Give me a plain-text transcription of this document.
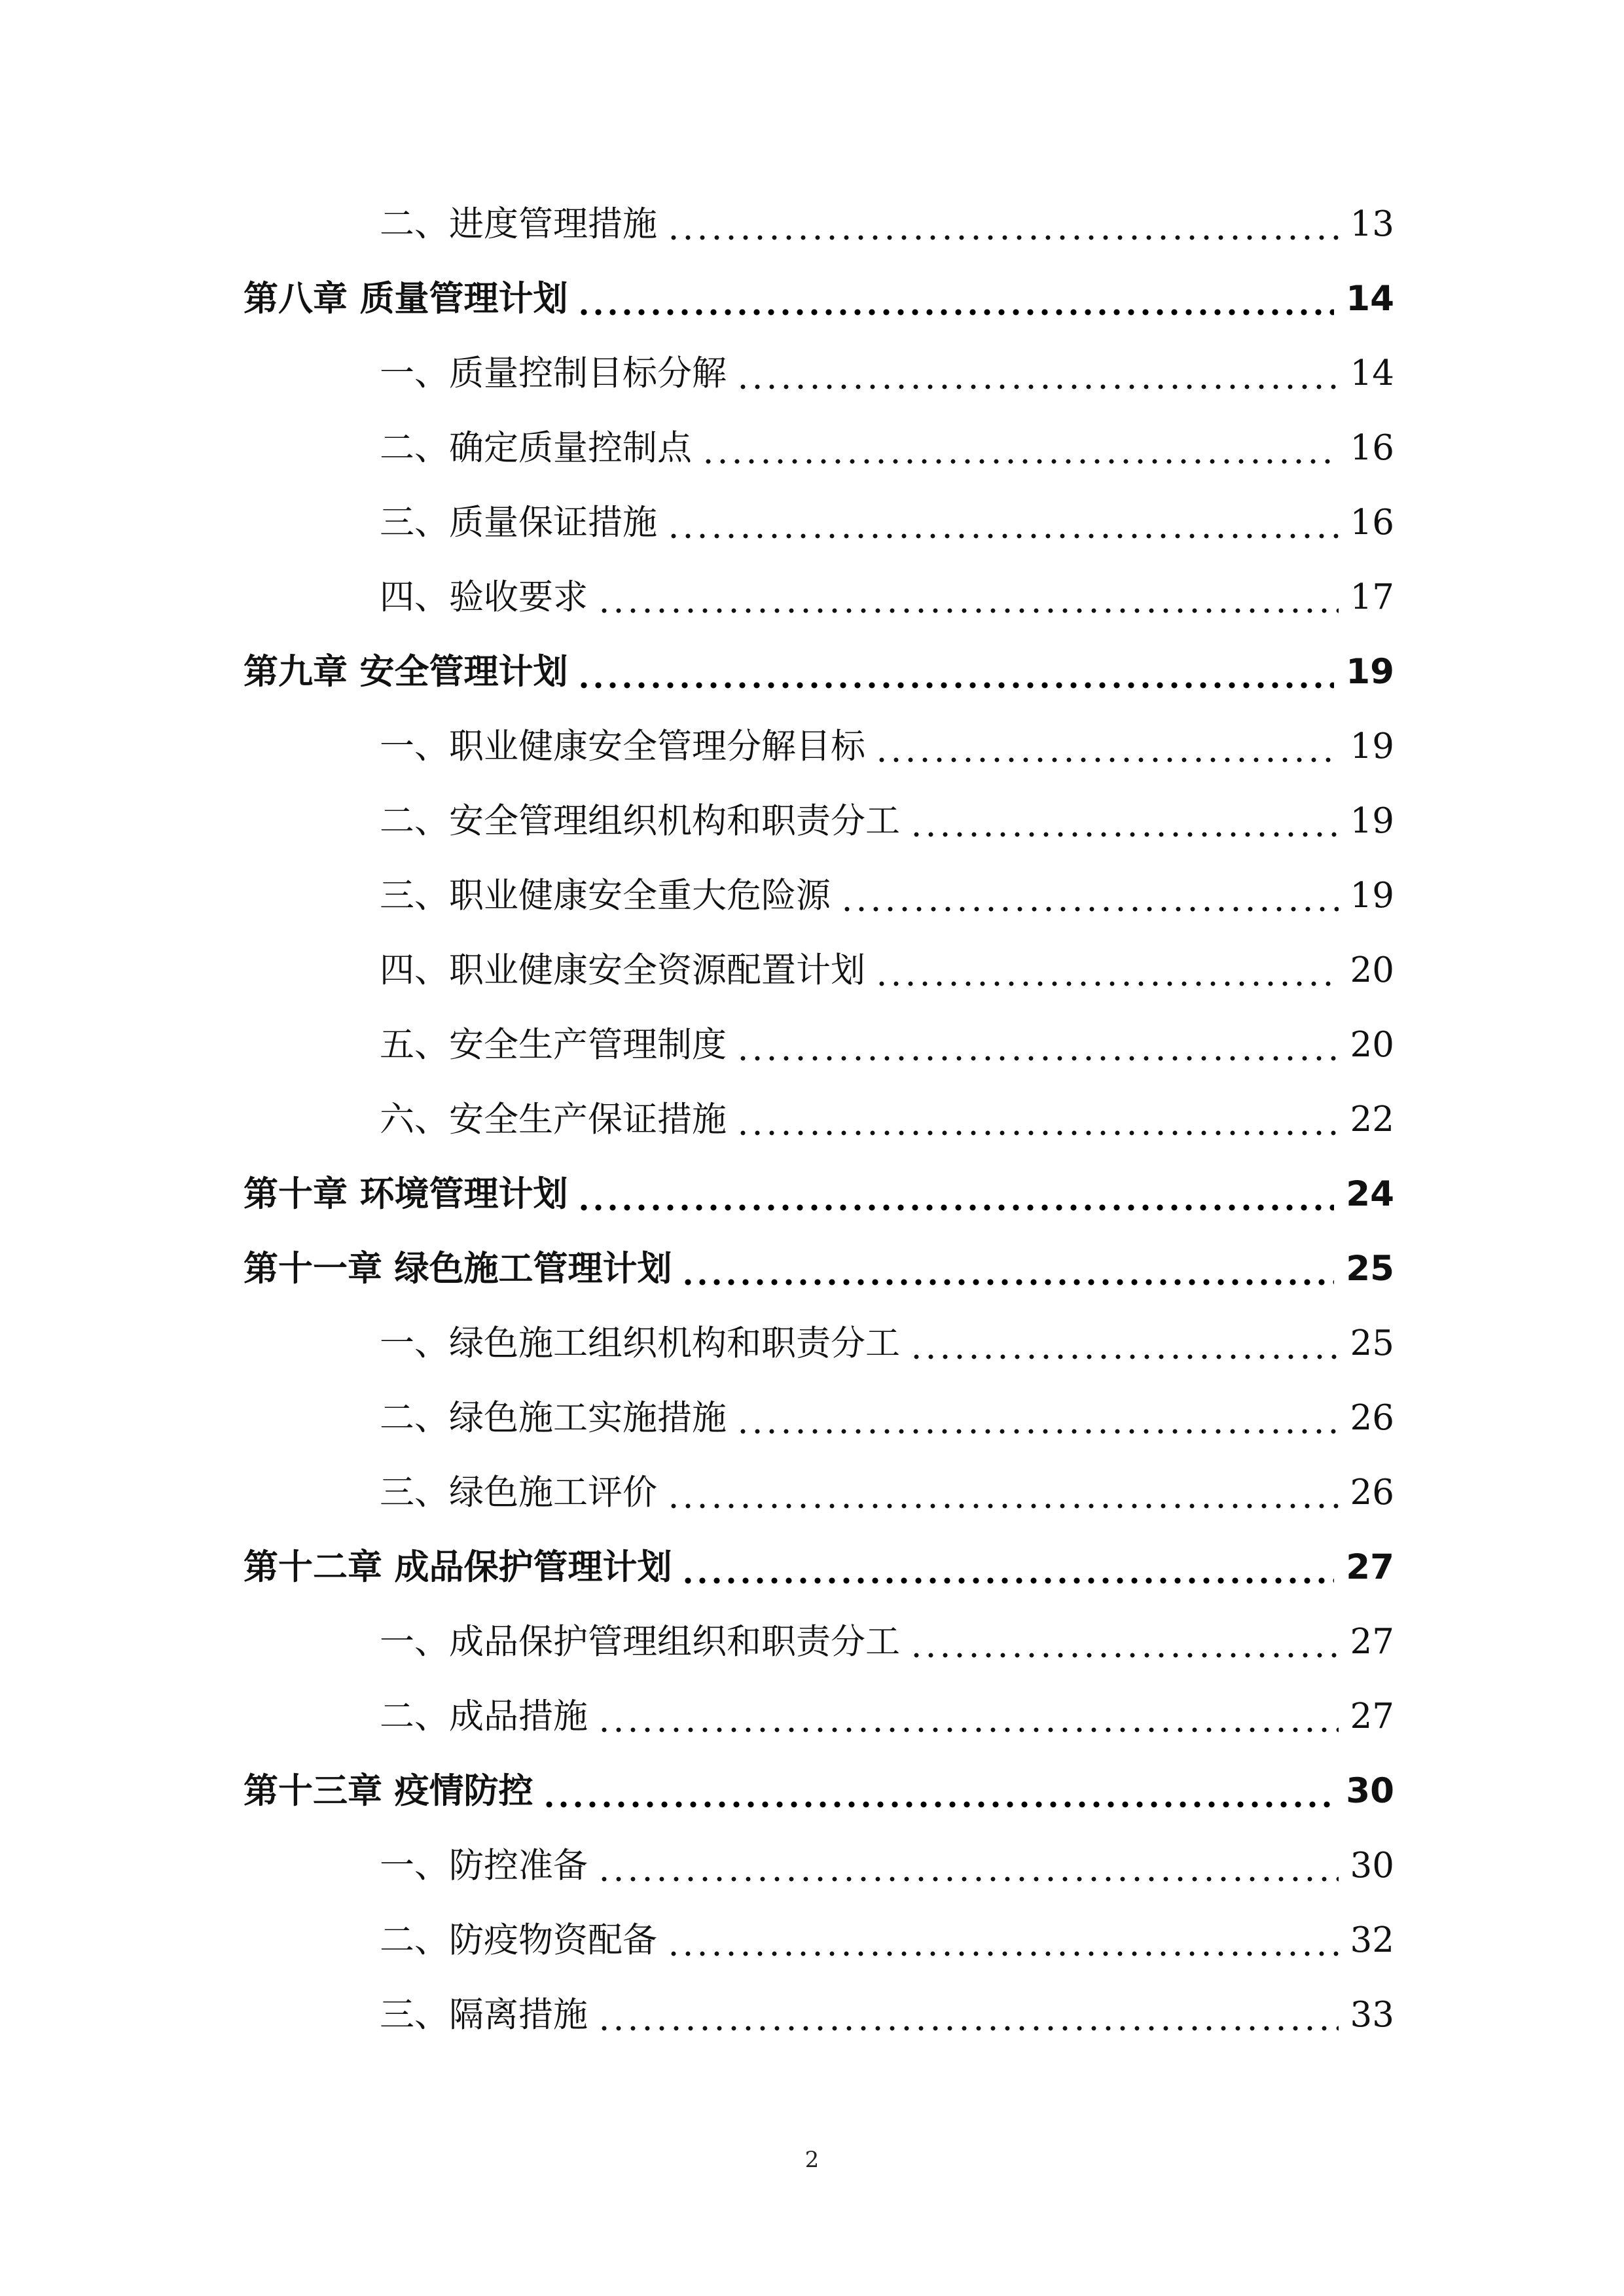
二、进度管理措施	13
第八章 质量管理计划	14
一、质量控制目标分解	14
二、确定质量控制点	16
三、质量保证措施	16
四、验收要求	17
第九章 安全管理计划	19
一、职业健康安全管理分解目标	19
二、安全管理组织机构和职责分工	19
三、职业健康安全重大危险源	19
四、职业健康安全资源配置计划	20
五、安全生产管理制度	20
六、安全生产保证措施	22
第十章 环境管理计划	24
第十一章 绿色施工管理计划	25
一、绿色施工组织机构和职责分工	25
二、绿色施工实施措施	26
三、绿色施工评价	26
第十二章 成品保护管理计划	27
一、成品保护管理组织和职责分工	27
二、成品措施	27
第十三章 疫情防控	30
一、防控准备	30
二、防疫物资配备	32
三、隔离措施	33
2
